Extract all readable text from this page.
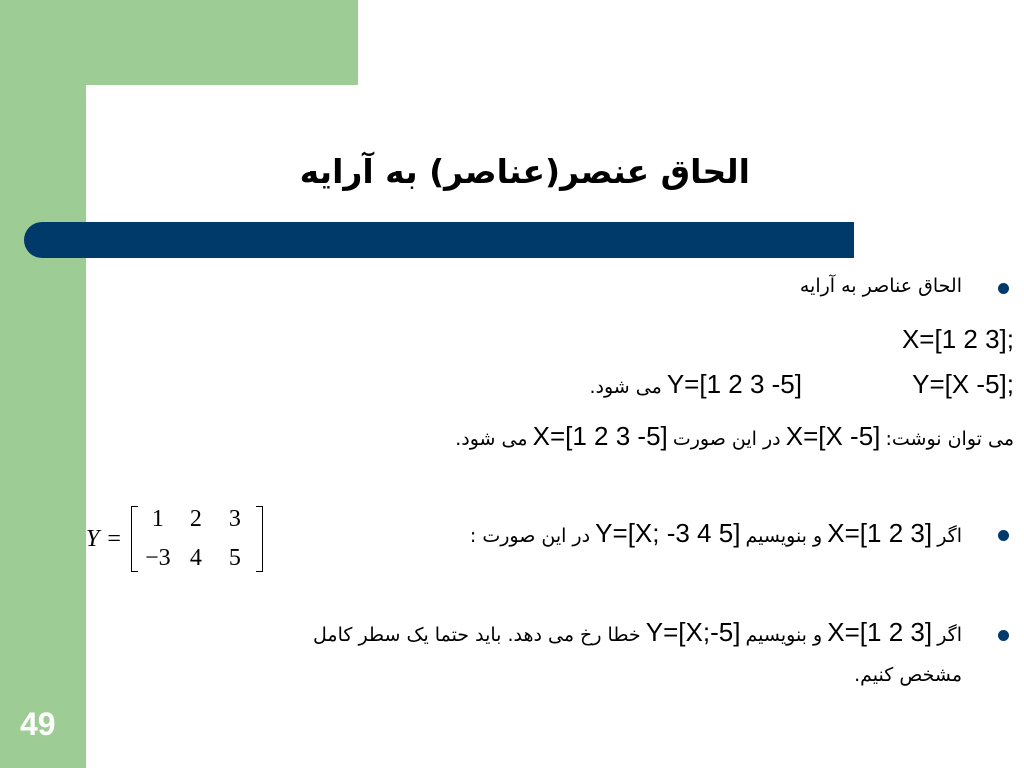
الحاق عنصر(عناصر) به آرایه
49
الحاق عناصر به آرایه
X=[1 2 3];
Y=[X -5];
Y=[1 2 3 -5] می شود.
می توان نوشت: X=[X -5] در این صورت X=[1 2 3 -5] می شود.
اگر X=[1 2 3] و بنویسیم Y=[X; -3 4 5] در این صورت :
Y =
1	2	3
−3 4	5
اگر X=[1 2 3] و بنویسیم Y=[X;-5] خطا رخ می دهد. باید حتما یک سطر کامل
مشخص کنیم.
